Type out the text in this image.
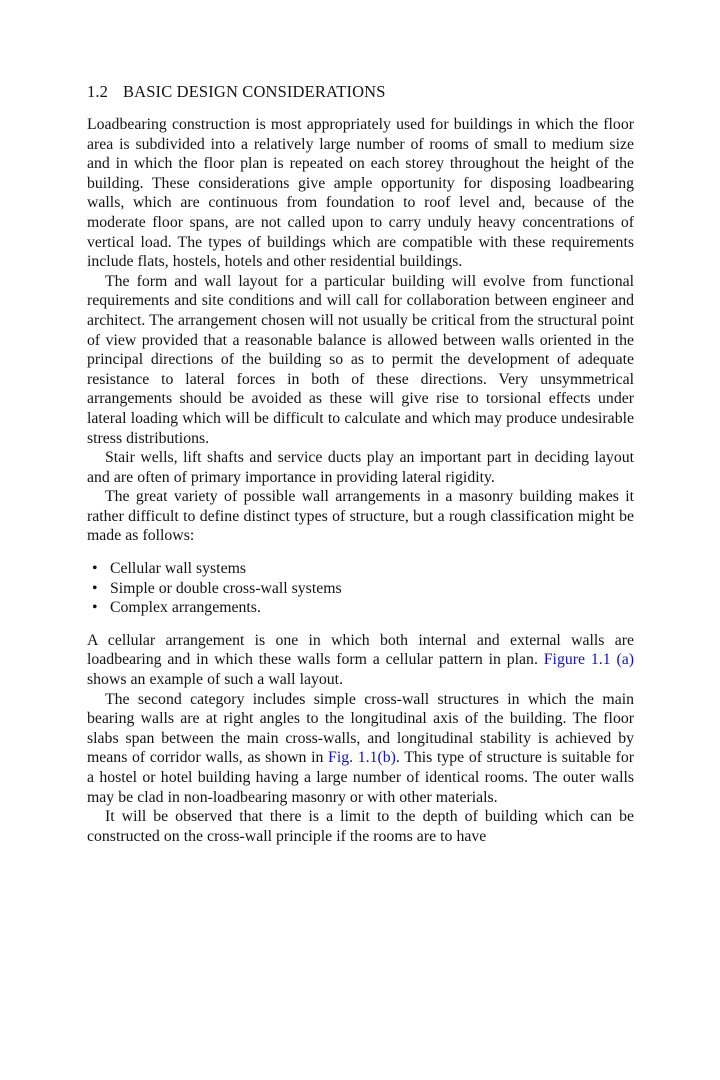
1.2 BASIC DESIGN CONSIDERATIONS

Loadbearing construction is most appropriately used for buildings in which the floor area is subdivided into a relatively large number of rooms of small to medium size and in which the floor plan is repeated on each storey throughout the height of the building. These considerations give ample opportunity for disposing loadbearing walls, which are continuous from foundation to roof level and, because of the moderate floor spans, are not called upon to carry unduly heavy concentrations of vertical load. The types of buildings which are compatible with these requirements include flats, hostels, hotels and other residential buildings.

The form and wall layout for a particular building will evolve from functional requirements and site conditions and will call for collaboration between engineer and architect. The arrangement chosen will not usually be critical from the structural point of view provided that a reasonable balance is allowed between walls oriented in the principal directions of the building so as to permit the development of adequate resistance to lateral forces in both of these directions. Very unsymmetrical arrangements should be avoided as these will give rise to torsional effects under lateral loading which will be difficult to calculate and which may produce undesirable stress distributions.

Stair wells, lift shafts and service ducts play an important part in deciding layout and are often of primary importance in providing lateral rigidity.

The great variety of possible wall arrangements in a masonry building makes it rather difficult to define distinct types of structure, but a rough classification might be made as follows:

• Cellular wall systems
• Simple or double cross-wall systems
• Complex arrangements.

A cellular arrangement is one in which both internal and external walls are loadbearing and in which these walls form a cellular pattern in plan. Figure 1.1 (a) shows an example of such a wall layout.

The second category includes simple cross-wall structures in which the main bearing walls are at right angles to the longitudinal axis of the building. The floor slabs span between the main cross-walls, and longitudinal stability is achieved by means of corridor walls, as shown in Fig. 1.1(b). This type of structure is suitable for a hostel or hotel building having a large number of identical rooms. The outer walls may be clad in non-loadbearing masonry or with other materials.

It will be observed that there is a limit to the depth of building which can be constructed on the cross-wall principle if the rooms are to have
